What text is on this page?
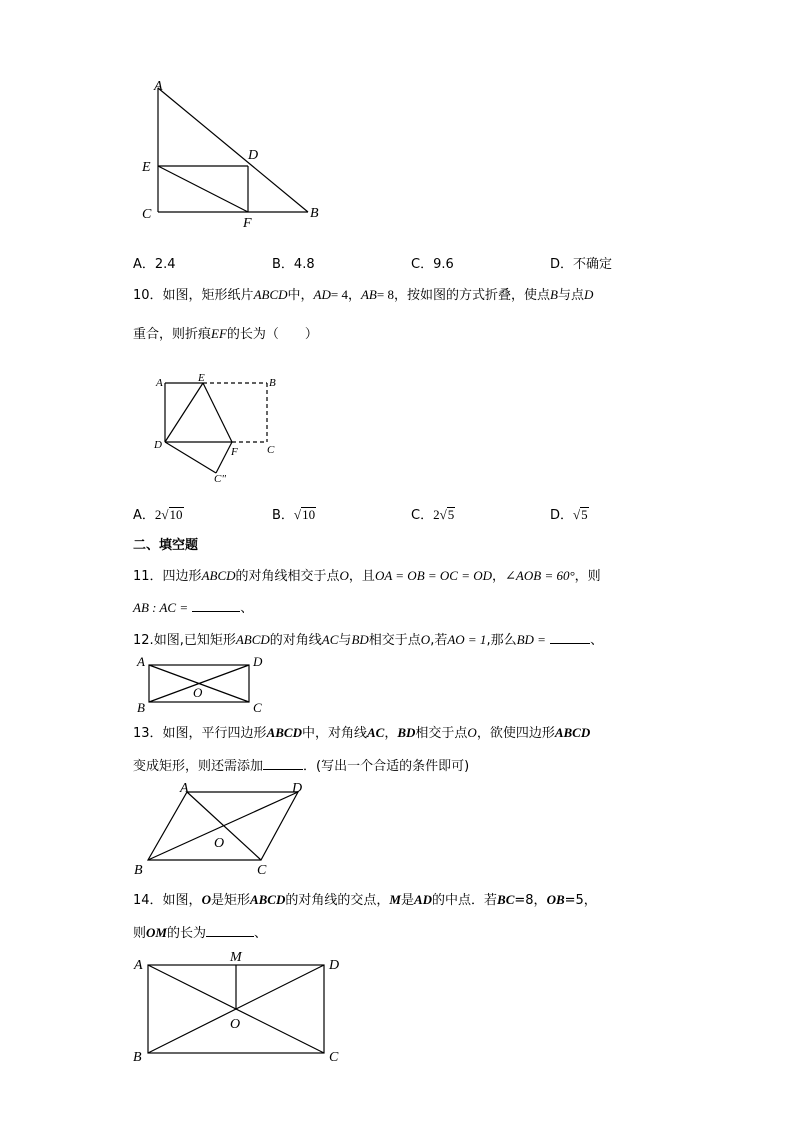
A
D
E
C
F
B
A．2.4	B．4.8	C．9.6	D．不确定
10．如图，矩形纸片ABCD中，AD= 4，AB= 8，按如图的方式折叠，使点B与点D
重合，则折痕EF的长为（　　）
A	E	B
D
F	C
C"
A．2√10	B．√10	C．2√5	D．√5
二、填空题
11．四边形ABCD的对角线相交于点O，且OA = OB = OC = OD，∠AOB = 60°，则
AB : AC =	、
12.如图,已知矩形ABCD的对角线AC与BD相交于点O,若AO = 1,那么BD =	、
A	D
O
B	C
13．如图，平行四边形ABCD中，对角线AC，BD相交于点O，欲使四边形ABCD
变成矩形，则还需添加	．(写出一个合适的条件即可)
A	D
O
B	C
14．如图，O是矩形ABCD的对角线的交点，M是AD的中点．若BC=8，OB=5，
则OM的长为	、
A
M
D
O
B	C
